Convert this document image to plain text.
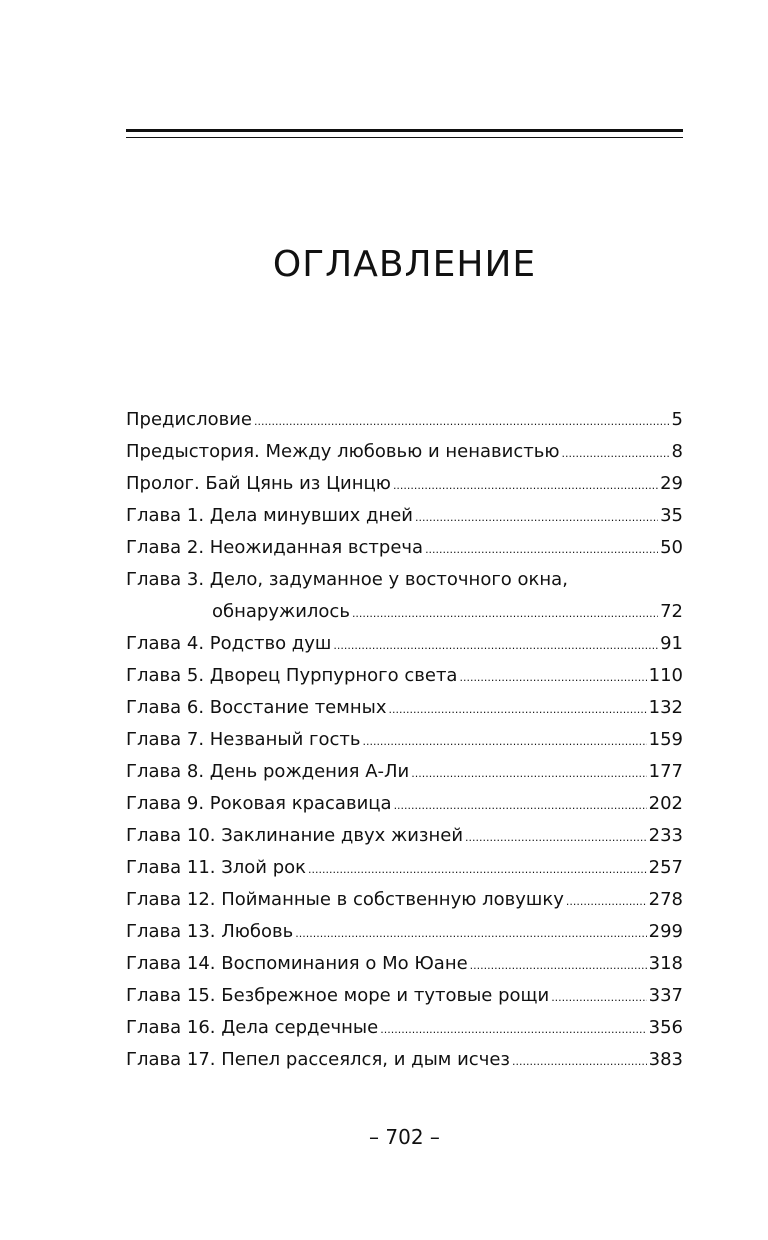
ОГЛАВЛЕНИЕ
Предисловие .....	5
Предыстория. Между любовью и ненавистью .....	8
Пролог. Бай Цянь из Цинцю .....	29
Глава 1. Дела минувших дней .....	35
Глава 2. Неожиданная встреча .....	50
Глава 3. Дело, задуманное у восточного окна,
обнаружилось .....	72
Глава 4. Родство душ .....	91
Глава 5. Дворец Пурпурного света .....	110
Глава 6. Восстание темных .....	132
Глава 7. Незваный гость .....	159
Глава 8. День рождения А-Ли .....	177
Глава 9. Роковая красавица .....	202
Глава 10. Заклинание двух жизней .....	233
Глава 11. Злой рок .....	257
Глава 12. Пойманные в собственную ловушку .....	278
Глава 13. Любовь .....	299
Глава 14. Воспоминания о Мо Юане .....	318
Глава 15. Безбрежное море и тутовые рощи .....	337
Глава 16. Дела сердечные .....	356
Глава 17. Пепел рассеялся, и дым исчез .....	383
– 702 –
